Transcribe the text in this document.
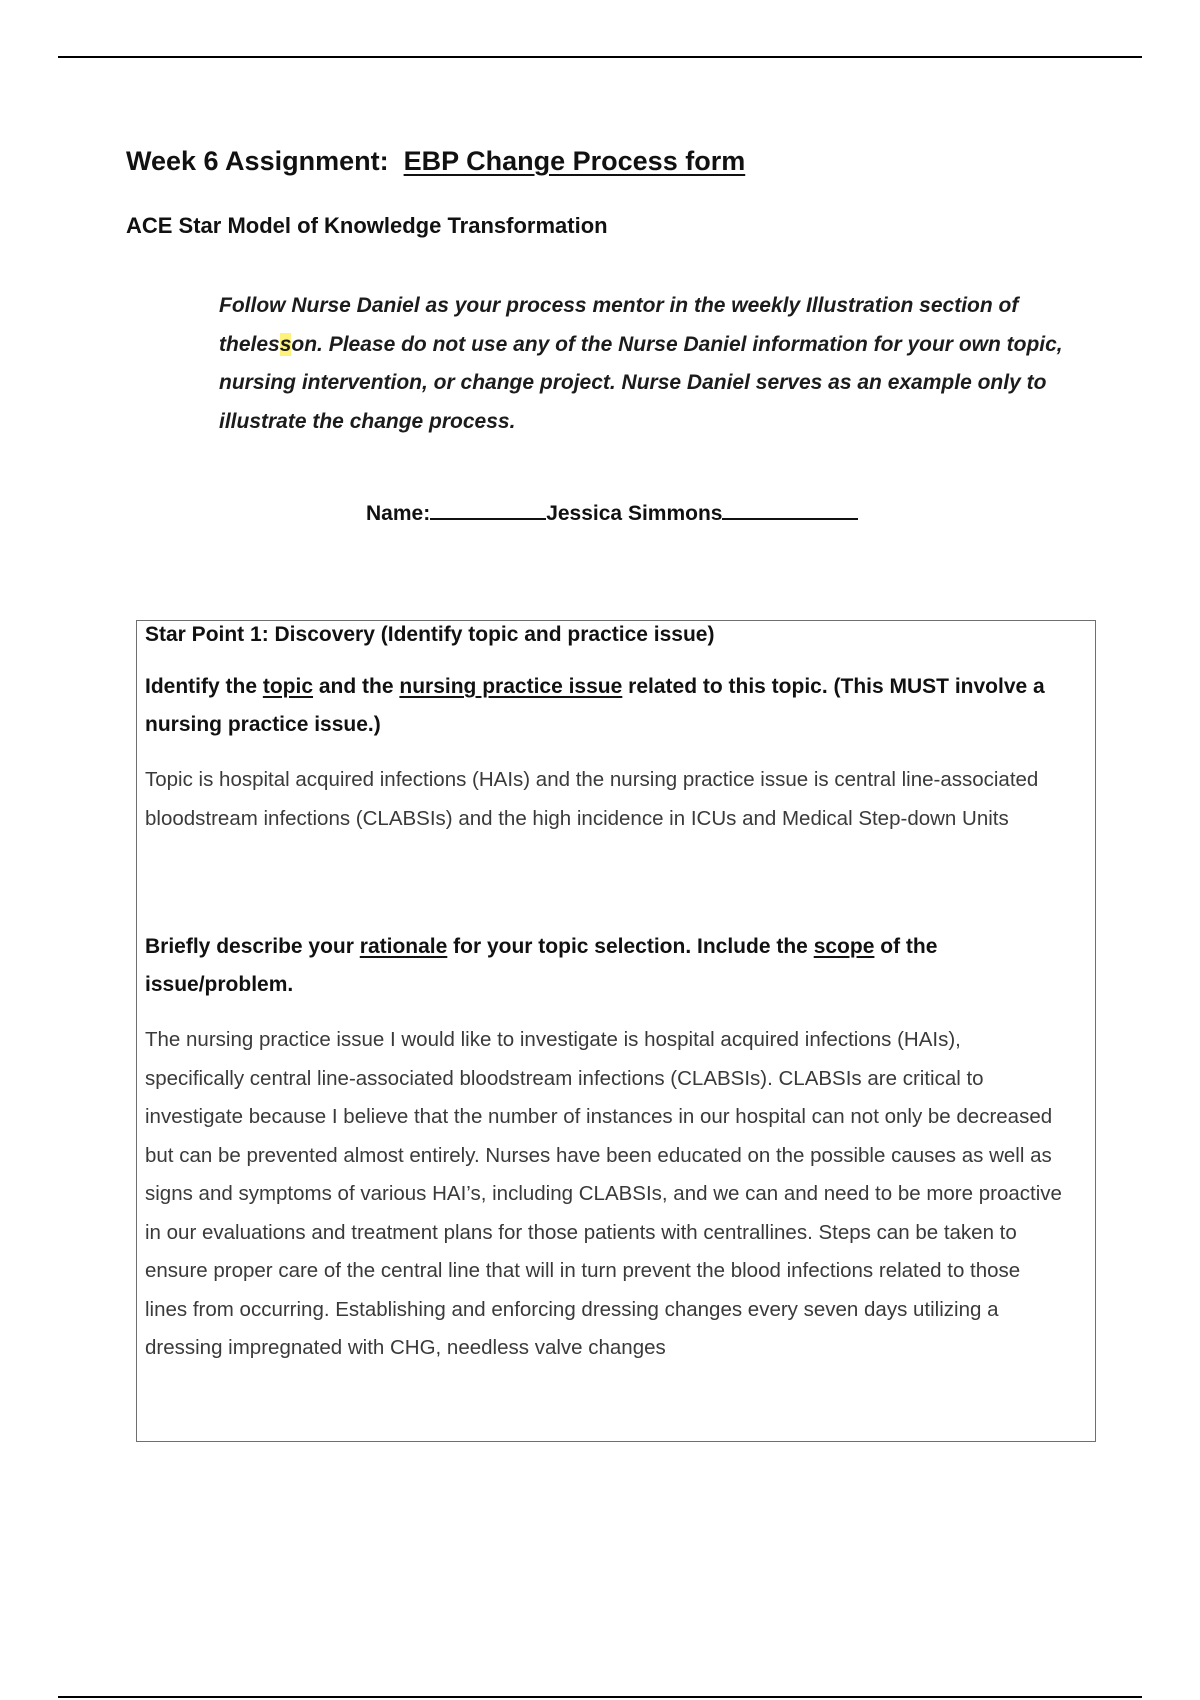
Week 6 Assignment: EBP Change Process form
ACE Star Model of Knowledge Transformation

Follow Nurse Daniel as your process mentor in the weekly Illustration section of thelesson. Please do not use any of the Nurse Daniel information for your own topic, nursing intervention, or change project. Nurse Daniel serves as an example only to illustrate the change process.

Name:	Jessica Simmons

Star Point 1: Discovery (Identify topic and practice issue)

Identify the topic and the nursing practice issue related to this topic. (This MUST involve a nursing practice issue.)

Topic is hospital acquired infections (HAIs) and the nursing practice issue is central line-associated bloodstream infections (CLABSIs) and the high incidence in ICUs and Medical Step-down Units

Briefly describe your rationale for your topic selection. Include the scope of the issue/problem.

The nursing practice issue I would like to investigate is hospital acquired infections (HAIs), specifically central line-associated bloodstream infections (CLABSIs). CLABSIs are critical to investigate because I believe that the number of instances in our hospital can not only be decreased but can be prevented almost entirely. Nurses have been educated on the possible causes as well as signs and symptoms of various HAI’s, including CLABSIs, and we can and need to be more proactive in our evaluations and treatment plans for those patients with centrallines. Steps can be taken to ensure proper care of the central line that will in turn prevent the blood infections related to those lines from occurring. Establishing and enforcing dressing changes every seven days utilizing a dressing impregnated with CHG, needless valve changes
